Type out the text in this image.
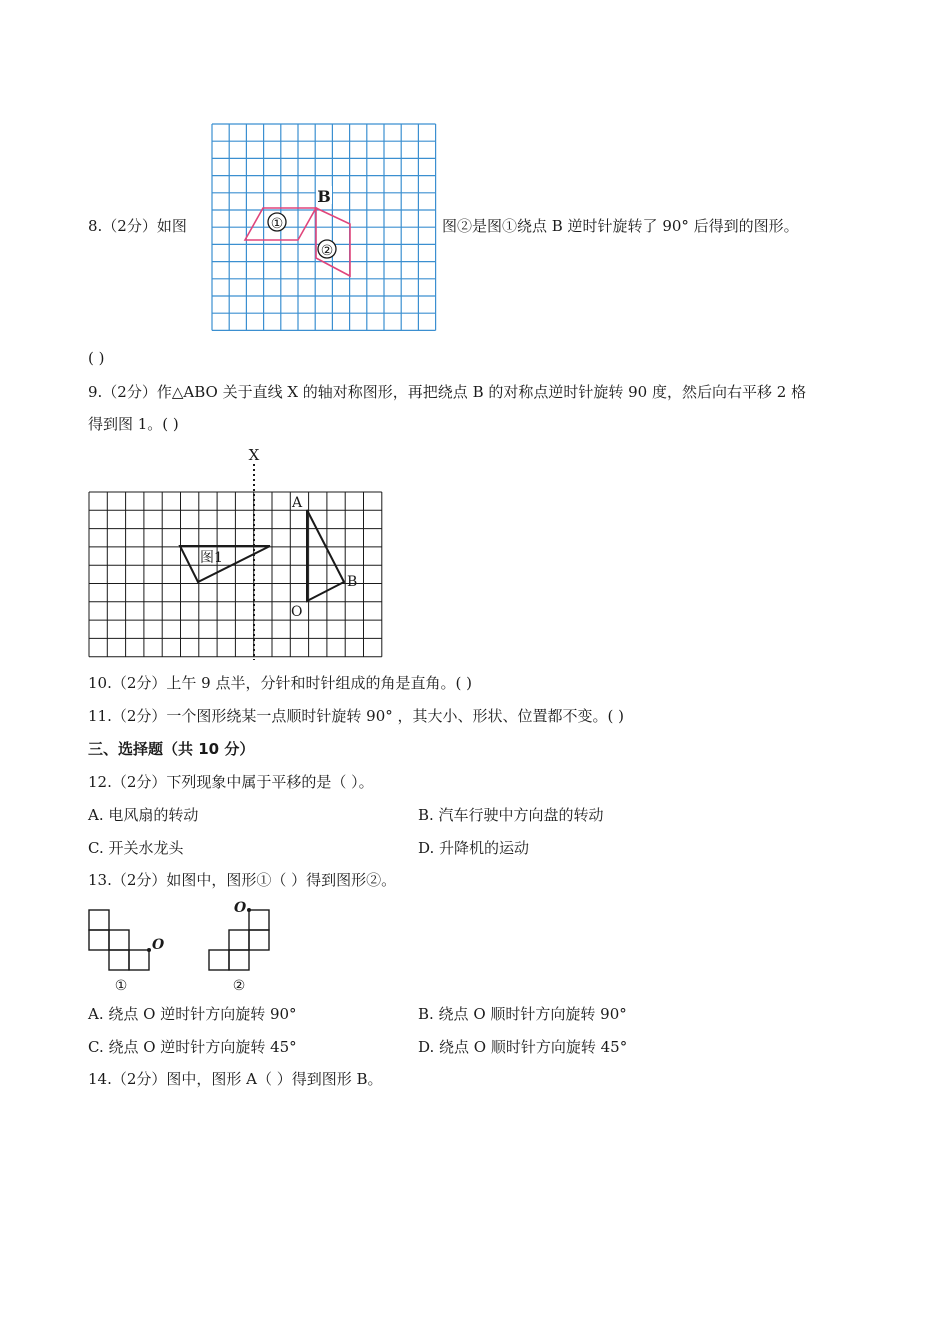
8.（2分）如图
B
①
②
图②是图①绕点 B 逆时针旋转了 90° 后得到的图形。
( )
9.（2分）作△ABO 关于直线 X 的轴对称图形，再把绕点 B 的对称点逆时针旋转 90 度，然后向右平移 2 格
得到图 1。( )
X
图1
A
B
O
10.（2分）上午 9 点半，分针和时针组成的角是直角。( )
11.（2分）一个图形绕某一点顺时针旋转 90° ，其大小、形状、位置都不变。( )
三、选择题（共 10 分）
12.（2分）下列现象中属于平移的是（ ）。
A. 电风扇的转动	B. 汽车行驶中方向盘的转动
C. 开关水龙头	D. 升降机的运动
13.（2分）如图中，图形①（ ）得到图形②。
O
①
O
②
A. 绕点 O 逆时针方向旋转 90°	B. 绕点 O 顺时针方向旋转 90°
C. 绕点 O 逆时针方向旋转 45°	D. 绕点 O 顺时针方向旋转 45°
14.（2分）图中，图形 A（ ）得到图形 B。
